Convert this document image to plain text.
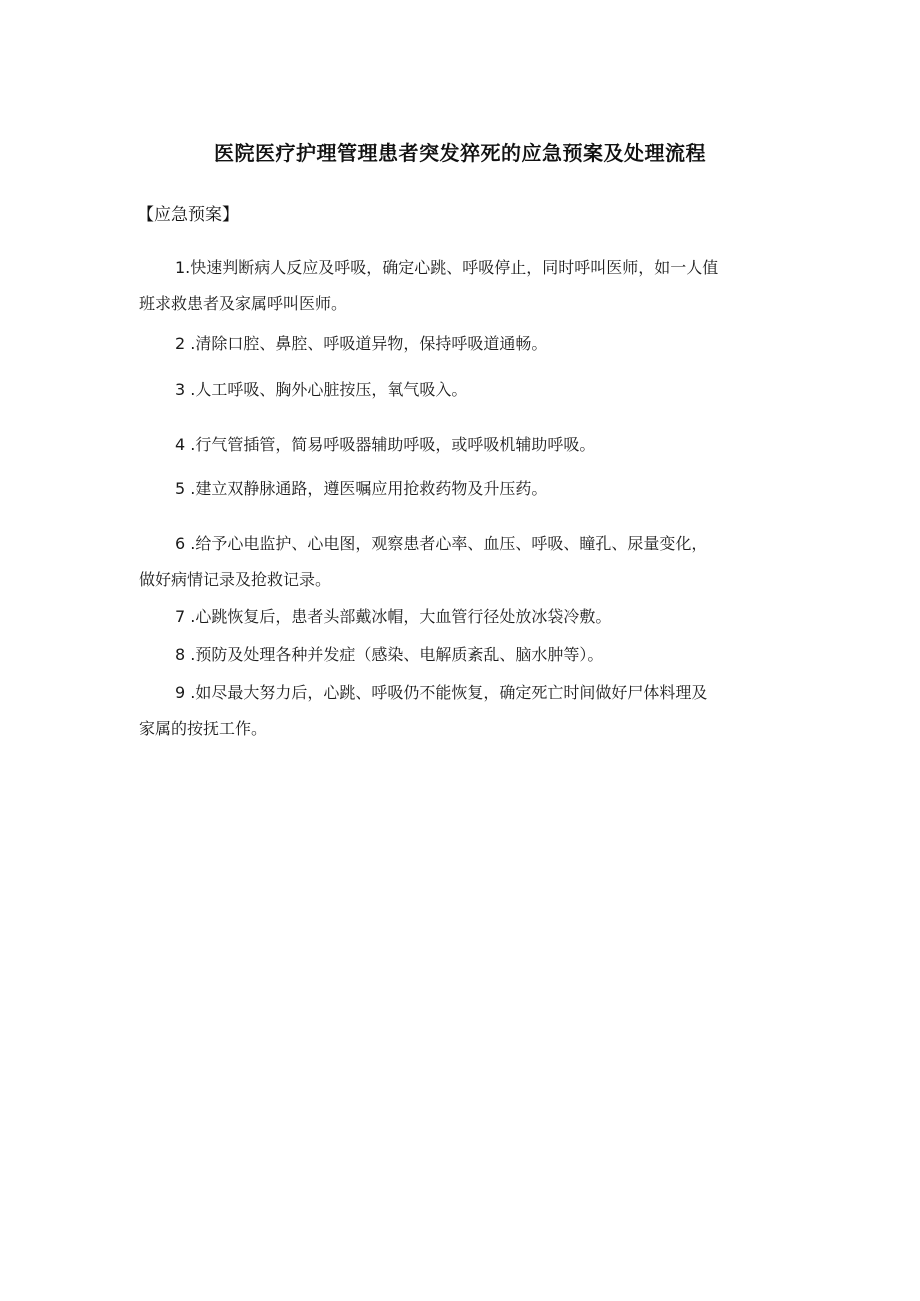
医院医疗护理管理患者突发猝死的应急预案及处理流程
【应急预案】
1.快速判断病人反应及呼吸，确定心跳、呼吸停止，同时呼叫医师，如一人值
班求救患者及家属呼叫医师。
2 .清除口腔、鼻腔、呼吸道异物，保持呼吸道通畅。
3 .人工呼吸、胸外心脏按压，氧气吸入。
4 .行气管插管，简易呼吸器辅助呼吸，或呼吸机辅助呼吸。
5 .建立双静脉通路，遵医嘱应用抢救药物及升压药。
6 .给予心电监护、心电图，观察患者心率、血压、呼吸、瞳孔、尿量变化，
做好病情记录及抢救记录。
7 .心跳恢复后，患者头部戴冰帽，大血管行径处放冰袋冷敷。
8 .预防及处理各种并发症（感染、电解质紊乱、脑水肿等）。
9 .如尽最大努力后，心跳、呼吸仍不能恢复，确定死亡时间做好尸体料理及
家属的按抚工作。
